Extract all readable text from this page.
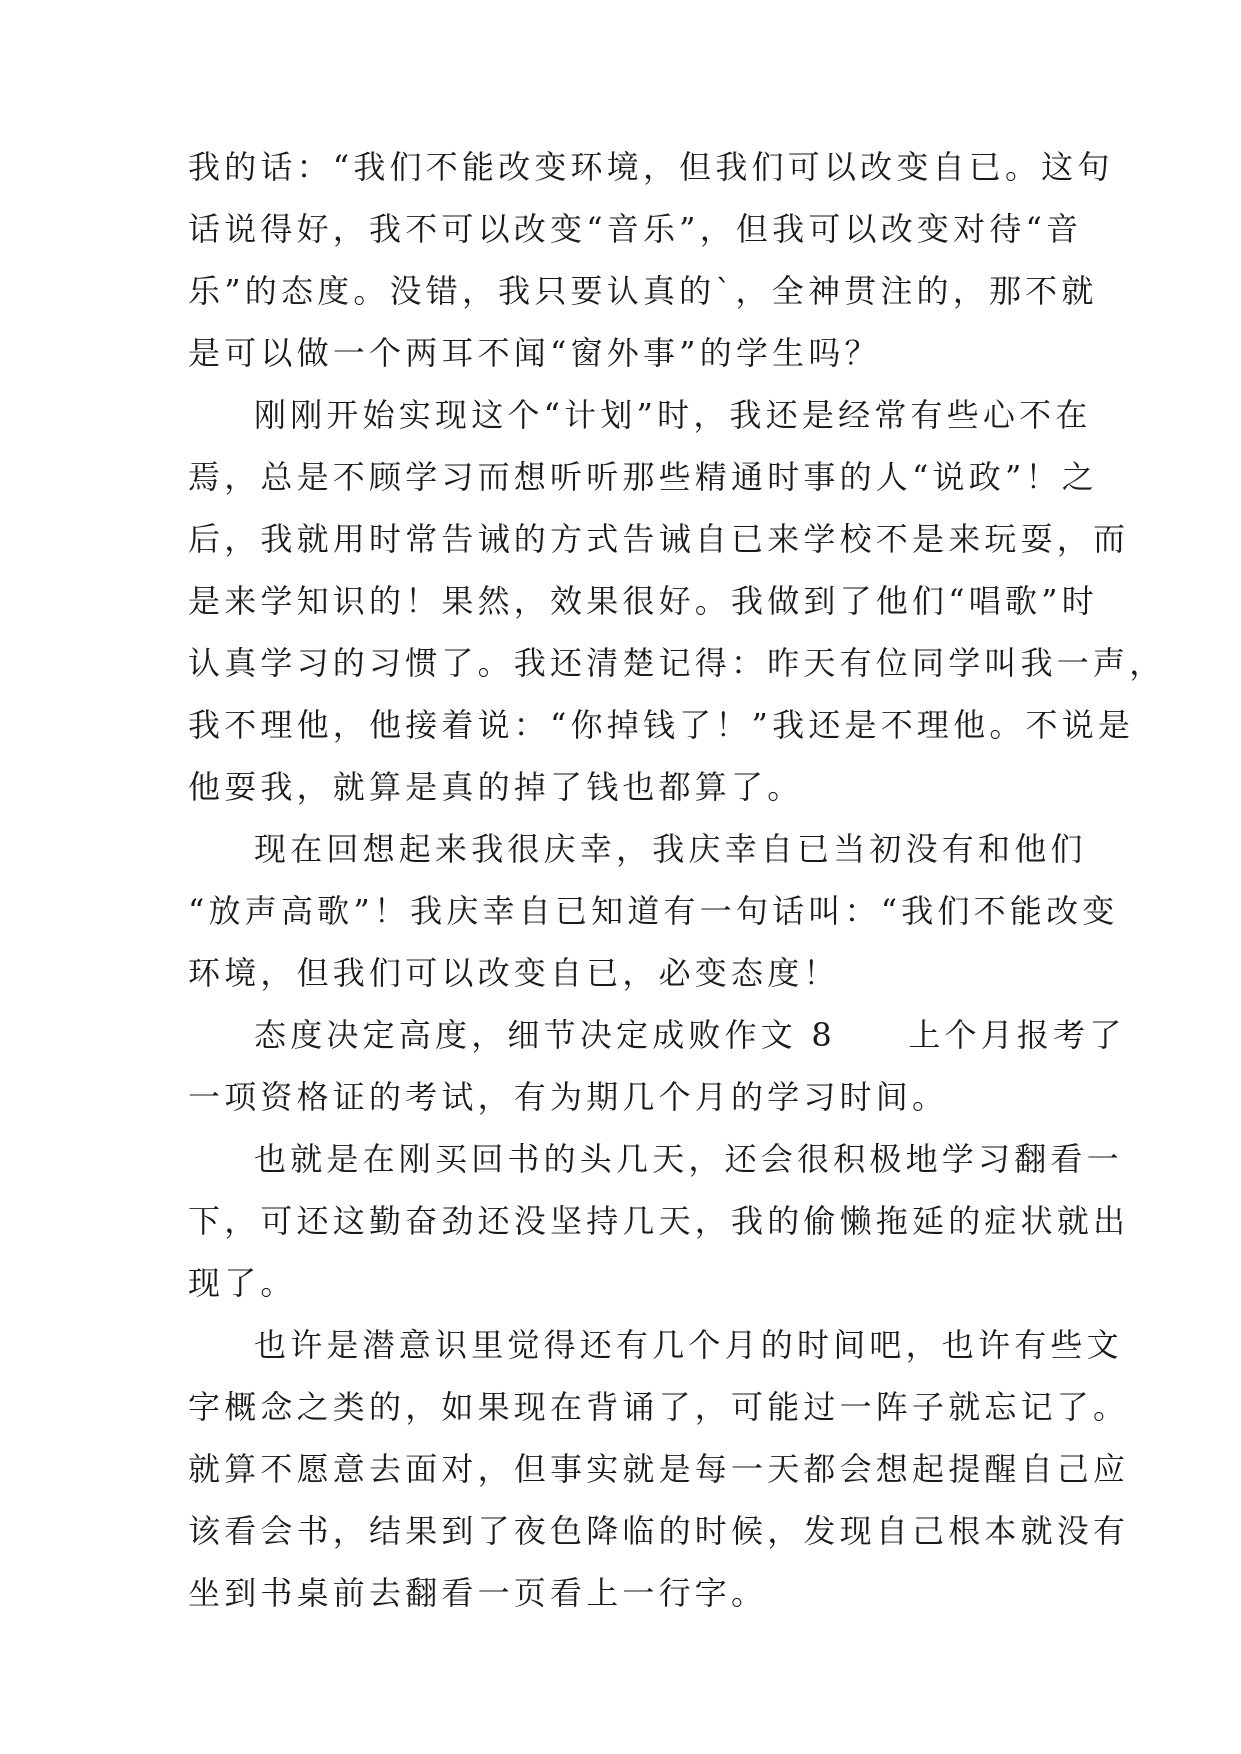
我的话：“我们不能改变环境，但我们可以改变自已。这句
话说得好，我不可以改变“音乐”，但我可以改变对待“音
乐”的态度。没错，我只要认真的`，全神贯注的，那不就
是可以做一个两耳不闻“窗外事”的学生吗？
刚刚开始实现这个“计划”时，我还是经常有些心不在
焉，总是不顾学习而想听听那些精通时事的人“说政”！之
后，我就用时常告诫的方式告诫自已来学校不是来玩耍，而
是来学知识的！果然，效果很好。我做到了他们“唱歌”时
认真学习的习惯了。我还清楚记得：昨天有位同学叫我一声，
我不理他，他接着说：“你掉钱了！”我还是不理他。不说是
他耍我，就算是真的掉了钱也都算了。
现在回想起来我很庆幸，我庆幸自已当初没有和他们
“放声高歌”！我庆幸自已知道有一句话叫：“我们不能改变
环境，但我们可以改变自已，必变态度！
态度决定高度，细节决定成败作文 8　　上个月报考了
一项资格证的考试，有为期几个月的学习时间。
也就是在刚买回书的头几天，还会很积极地学习翻看一
下，可还这勤奋劲还没坚持几天，我的偷懒拖延的症状就出
现了。
也许是潜意识里觉得还有几个月的时间吧，也许有些文
字概念之类的，如果现在背诵了，可能过一阵子就忘记了。
就算不愿意去面对，但事实就是每一天都会想起提醒自己应
该看会书，结果到了夜色降临的时候，发现自己根本就没有
坐到书桌前去翻看一页看上一行字。
